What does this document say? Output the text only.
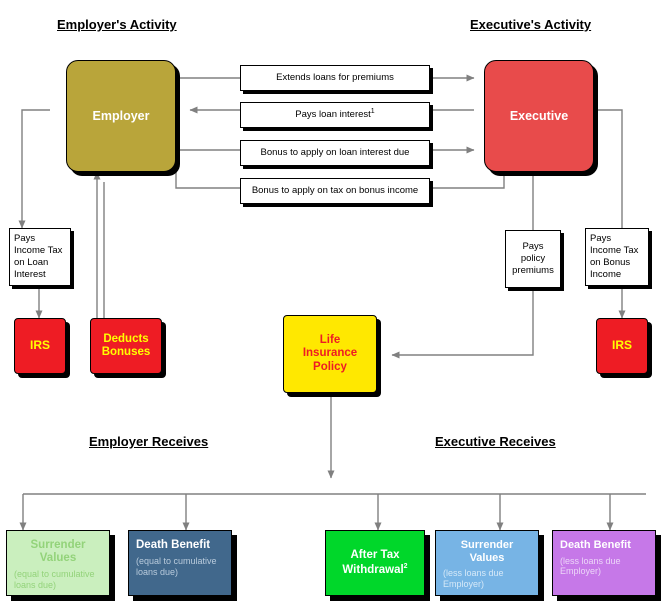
Employer's Activity	Executive's Activity
Employer Receives	Executive Receives
Employer	Executive
Extends loans for premiums
Pays loan interest$^1$
Bonus to apply on loan interest due
Bonus to apply on tax on bonus income
Pays Income Tax on Loan Interest
Pays policy premiums
Pays Income Tax on Bonus Income
IRS	Deducts
Bonuses
Life
Insurance
Policy
IRS
Surrender Values
(equal to cumulative loans due)
Death Benefit
(equal to cumulative loans due)
After Tax Withdrawal$^2$
Surrender Values
(less loans due Employer)
Death Benefit
(less loans due Employer)
